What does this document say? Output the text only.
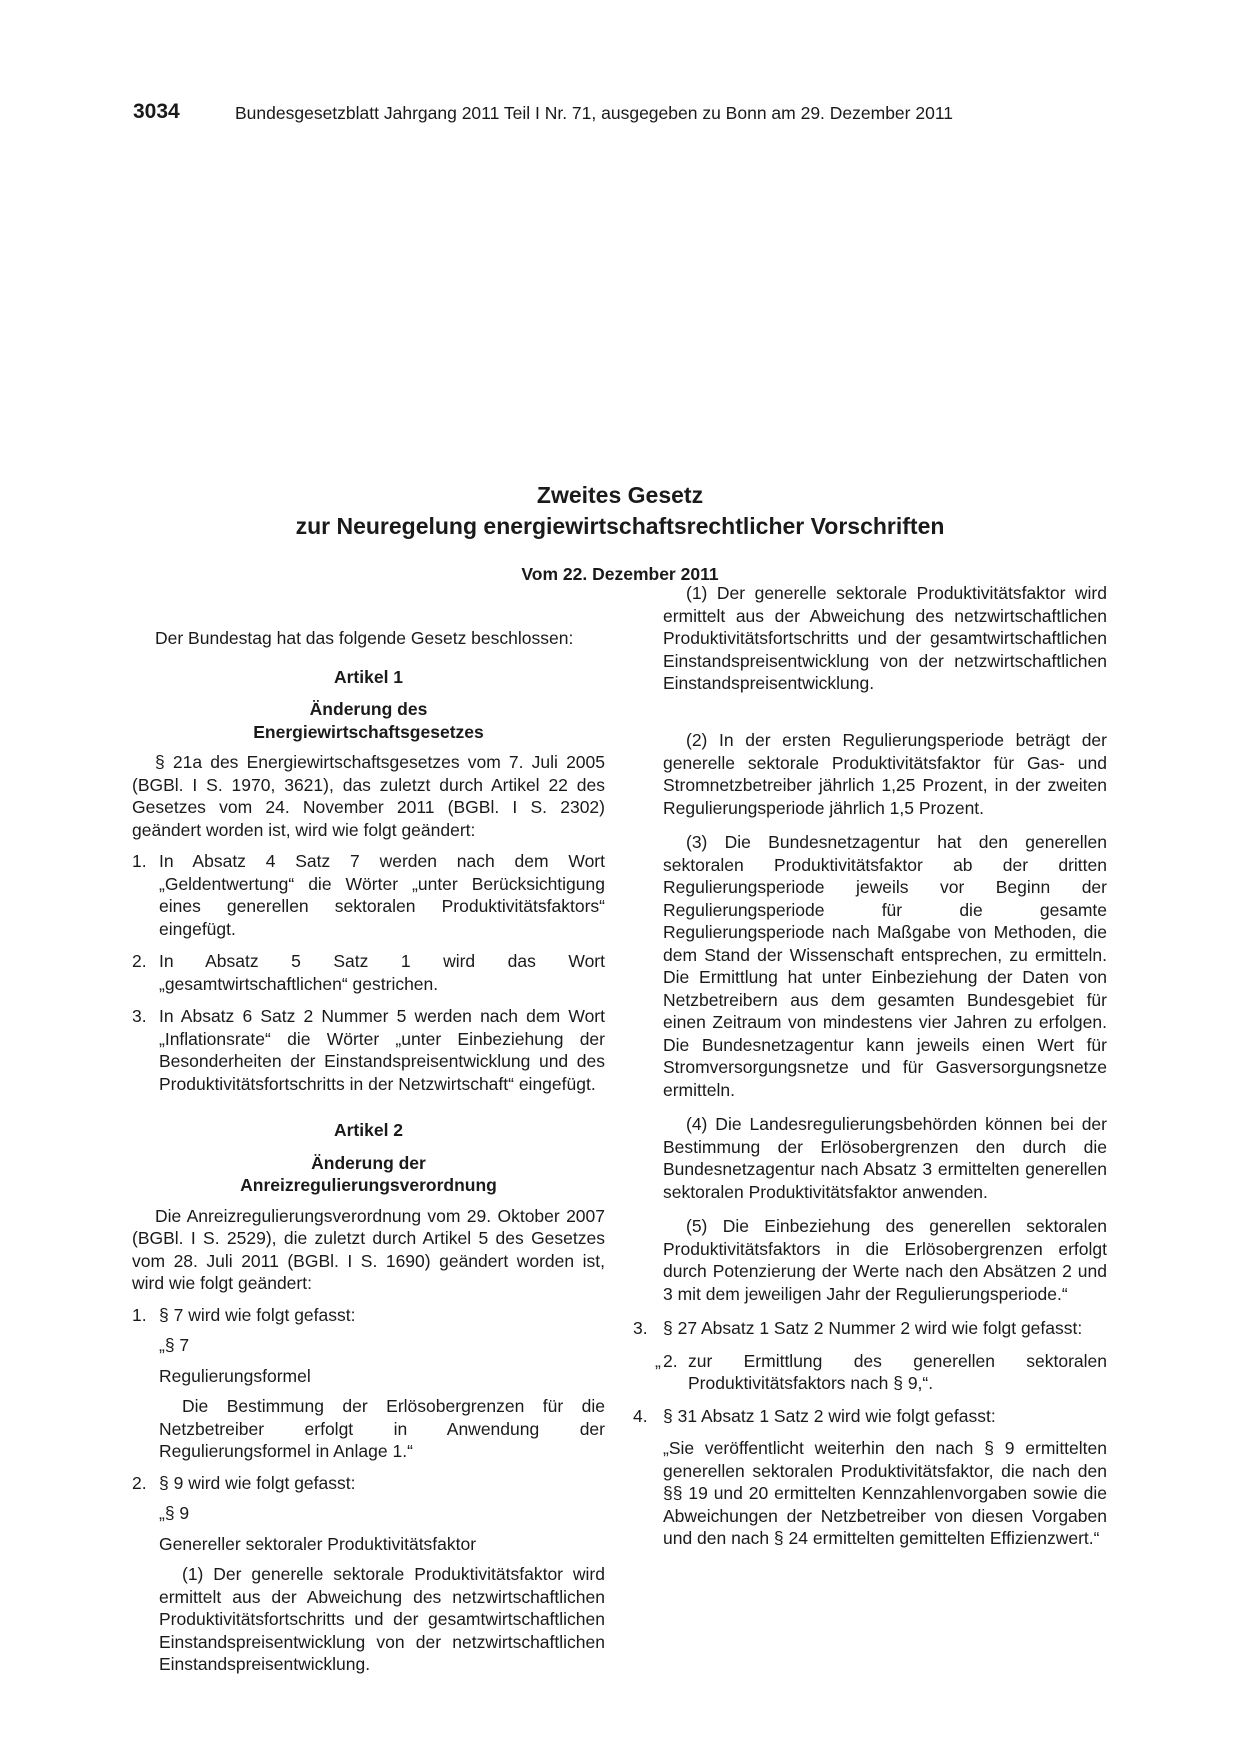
3034	Bundesgesetzblatt Jahrgang 2011 Teil I Nr. 71, ausgegeben zu Bonn am 29. Dezember 2011
Zweites Gesetz
zur Neuregelung energiewirtschaftsrechtlicher Vorschriften
Vom 22. Dezember 2011

Der Bundestag hat das folgende Gesetz beschlossen:

Artikel 1

Änderung des
Energiewirtschaftsgesetzes

§ 21a des Energiewirtschaftsgesetzes vom 7. Juli 2005 (BGBl. I S. 1970, 3621), das zuletzt durch Artikel 22 des Gesetzes vom 24. November 2011 (BGBl. I S. 2302) geändert worden ist, wird wie folgt geändert:

1. In Absatz 4 Satz 7 werden nach dem Wort „Geldentwertung“ die Wörter „unter Berücksichtigung eines generellen sektoralen Produktivitätsfaktors“ eingefügt.
2. In Absatz 5 Satz 1 wird das Wort „gesamtwirtschaftlichen“ gestrichen.
3. In Absatz 6 Satz 2 Nummer 5 werden nach dem Wort „Inflationsrate“ die Wörter „unter Einbeziehung der Besonderheiten der Einstandspreisentwicklung und des Produktivitätsfortschritts in der Netzwirtschaft“ eingefügt.

Artikel 2

Änderung der
Anreizregulierungsverordnung

Die Anreizregulierungsverordnung vom 29. Oktober 2007 (BGBl. I S. 2529), die zuletzt durch Artikel 5 des Gesetzes vom 28. Juli 2011 (BGBl. I S. 1690) geändert worden ist, wird wie folgt geändert:

1. § 7 wird wie folgt gefasst:

„§ 7

Regulierungsformel

Die Bestimmung der Erlösobergrenzen für die Netzbetreiber erfolgt in Anwendung der Regulierungsformel in Anlage 1.“

2. § 9 wird wie folgt gefasst:

„§ 9

Genereller sektoraler Produktivitätsfaktor

(1) Der generelle sektorale Produktivitätsfaktor wird ermittelt aus der Abweichung des netzwirtschaftlichen Produktivitätsfortschritts und der gesamtwirtschaftlichen Einstandspreisentwicklung von der netzwirtschaftlichen Einstandspreisentwicklung.
(1) Der generelle sektorale Produktivitätsfaktor wird ermittelt aus der Abweichung des netzwirtschaftlichen Produktivitätsfortschritts und der gesamtwirtschaftlichen Einstandspreisentwicklung von der netzwirtschaftlichen Einstandspreisentwicklung.

(2) In der ersten Regulierungsperiode beträgt der generelle sektorale Produktivitätsfaktor für Gas- und Stromnetzbetreiber jährlich 1,25 Prozent, in der zweiten Regulierungsperiode jährlich 1,5 Prozent.

(3) Die Bundesnetzagentur hat den generellen sektoralen Produktivitätsfaktor ab der dritten Regulierungsperiode jeweils vor Beginn der Regulierungsperiode für die gesamte Regulierungsperiode nach Maßgabe von Methoden, die dem Stand der Wissenschaft entsprechen, zu ermitteln. Die Ermittlung hat unter Einbeziehung der Daten von Netzbetreibern aus dem gesamten Bundesgebiet für einen Zeitraum von mindestens vier Jahren zu erfolgen. Die Bundesnetzagentur kann jeweils einen Wert für Stromversorgungsnetze und für Gasversorgungsnetze ermitteln.

(4) Die Landesregulierungsbehörden können bei der Bestimmung der Erlösobergrenzen den durch die Bundesnetzagentur nach Absatz 3 ermittelten generellen sektoralen Produktivitätsfaktor anwenden.

(5) Die Einbeziehung des generellen sektoralen Produktivitätsfaktors in die Erlösobergrenzen erfolgt durch Potenzierung der Werte nach den Absätzen 2 und 3 mit dem jeweiligen Jahr der Regulierungsperiode.“

3. § 27 Absatz 1 Satz 2 Nummer 2 wird wie folgt gefasst:
„ 2. zur Ermittlung des generellen sektoralen Produktivitätsfaktors nach § 9,“.
4. § 31 Absatz 1 Satz 2 wird wie folgt gefasst:

„Sie veröffentlicht weiterhin den nach § 9 ermittelten generellen sektoralen Produktivitätsfaktor, die nach den §§ 19 und 20 ermittelten Kennzahlenvorgaben sowie die Abweichungen der Netzbetreiber von diesen Vorgaben und den nach § 24 ermittelten gemittelten Effizienzwert.“
